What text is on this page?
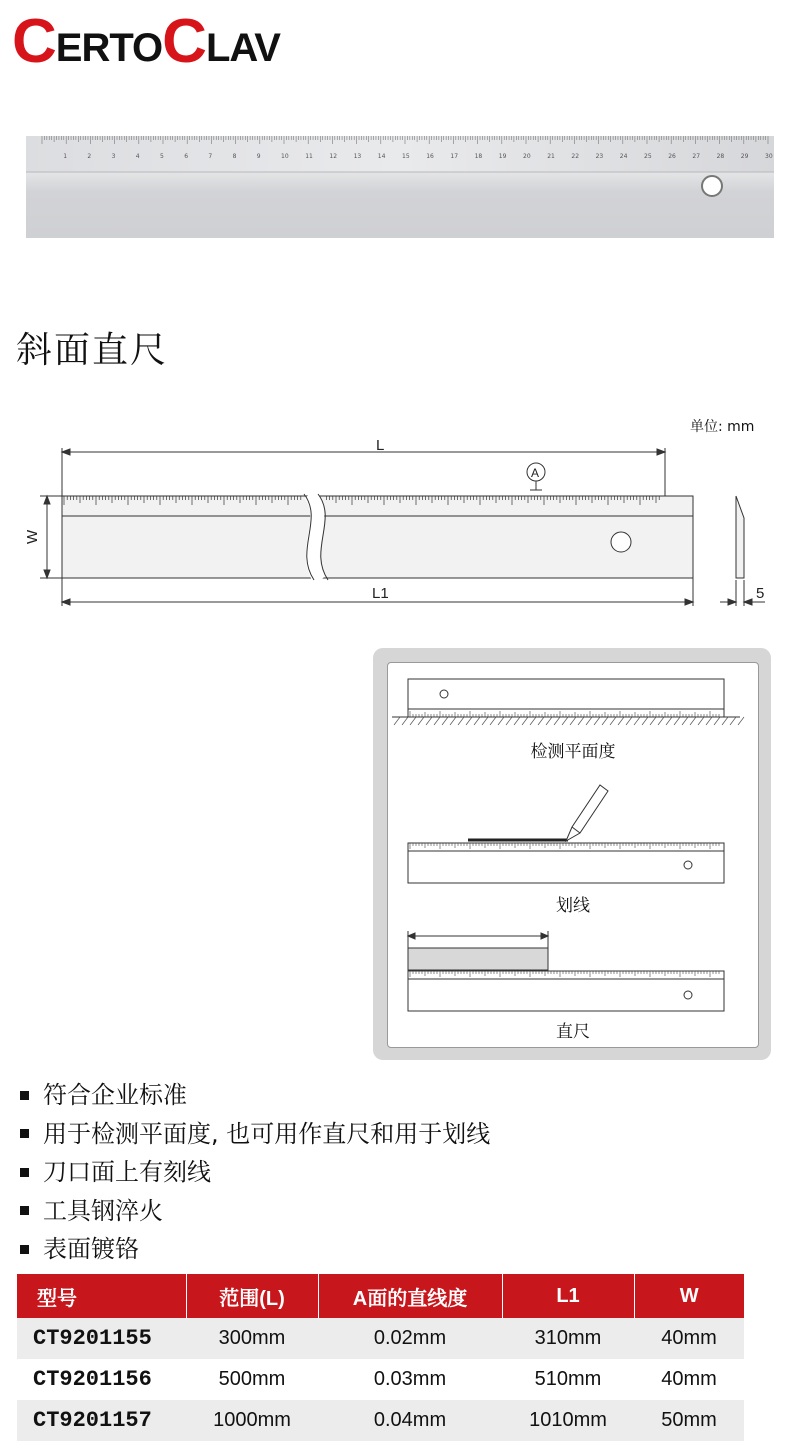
C ERTO C LAV
1	2	3	4	5	6	7	8	9	10	11	12	13	14	15	16	17	18	19	20	21	22	23	24	25	26	27	28	29	30
斜面直尺
单位: mm
L
L1
W
A
5
检测平面度
划线
直尺
符合企业标准
用于检测平面度, 也可用作直尺和用于划线
刀口面上有刻线
工具钢淬火
表面镀铬
型号	范围(L)	A面的直线度	L1	W
CT9201155	300mm	0.02mm	310mm	40mm
CT9201156	500mm	0.03mm	510mm	40mm
CT9201157	1000mm	0.04mm	1010mm	50mm
